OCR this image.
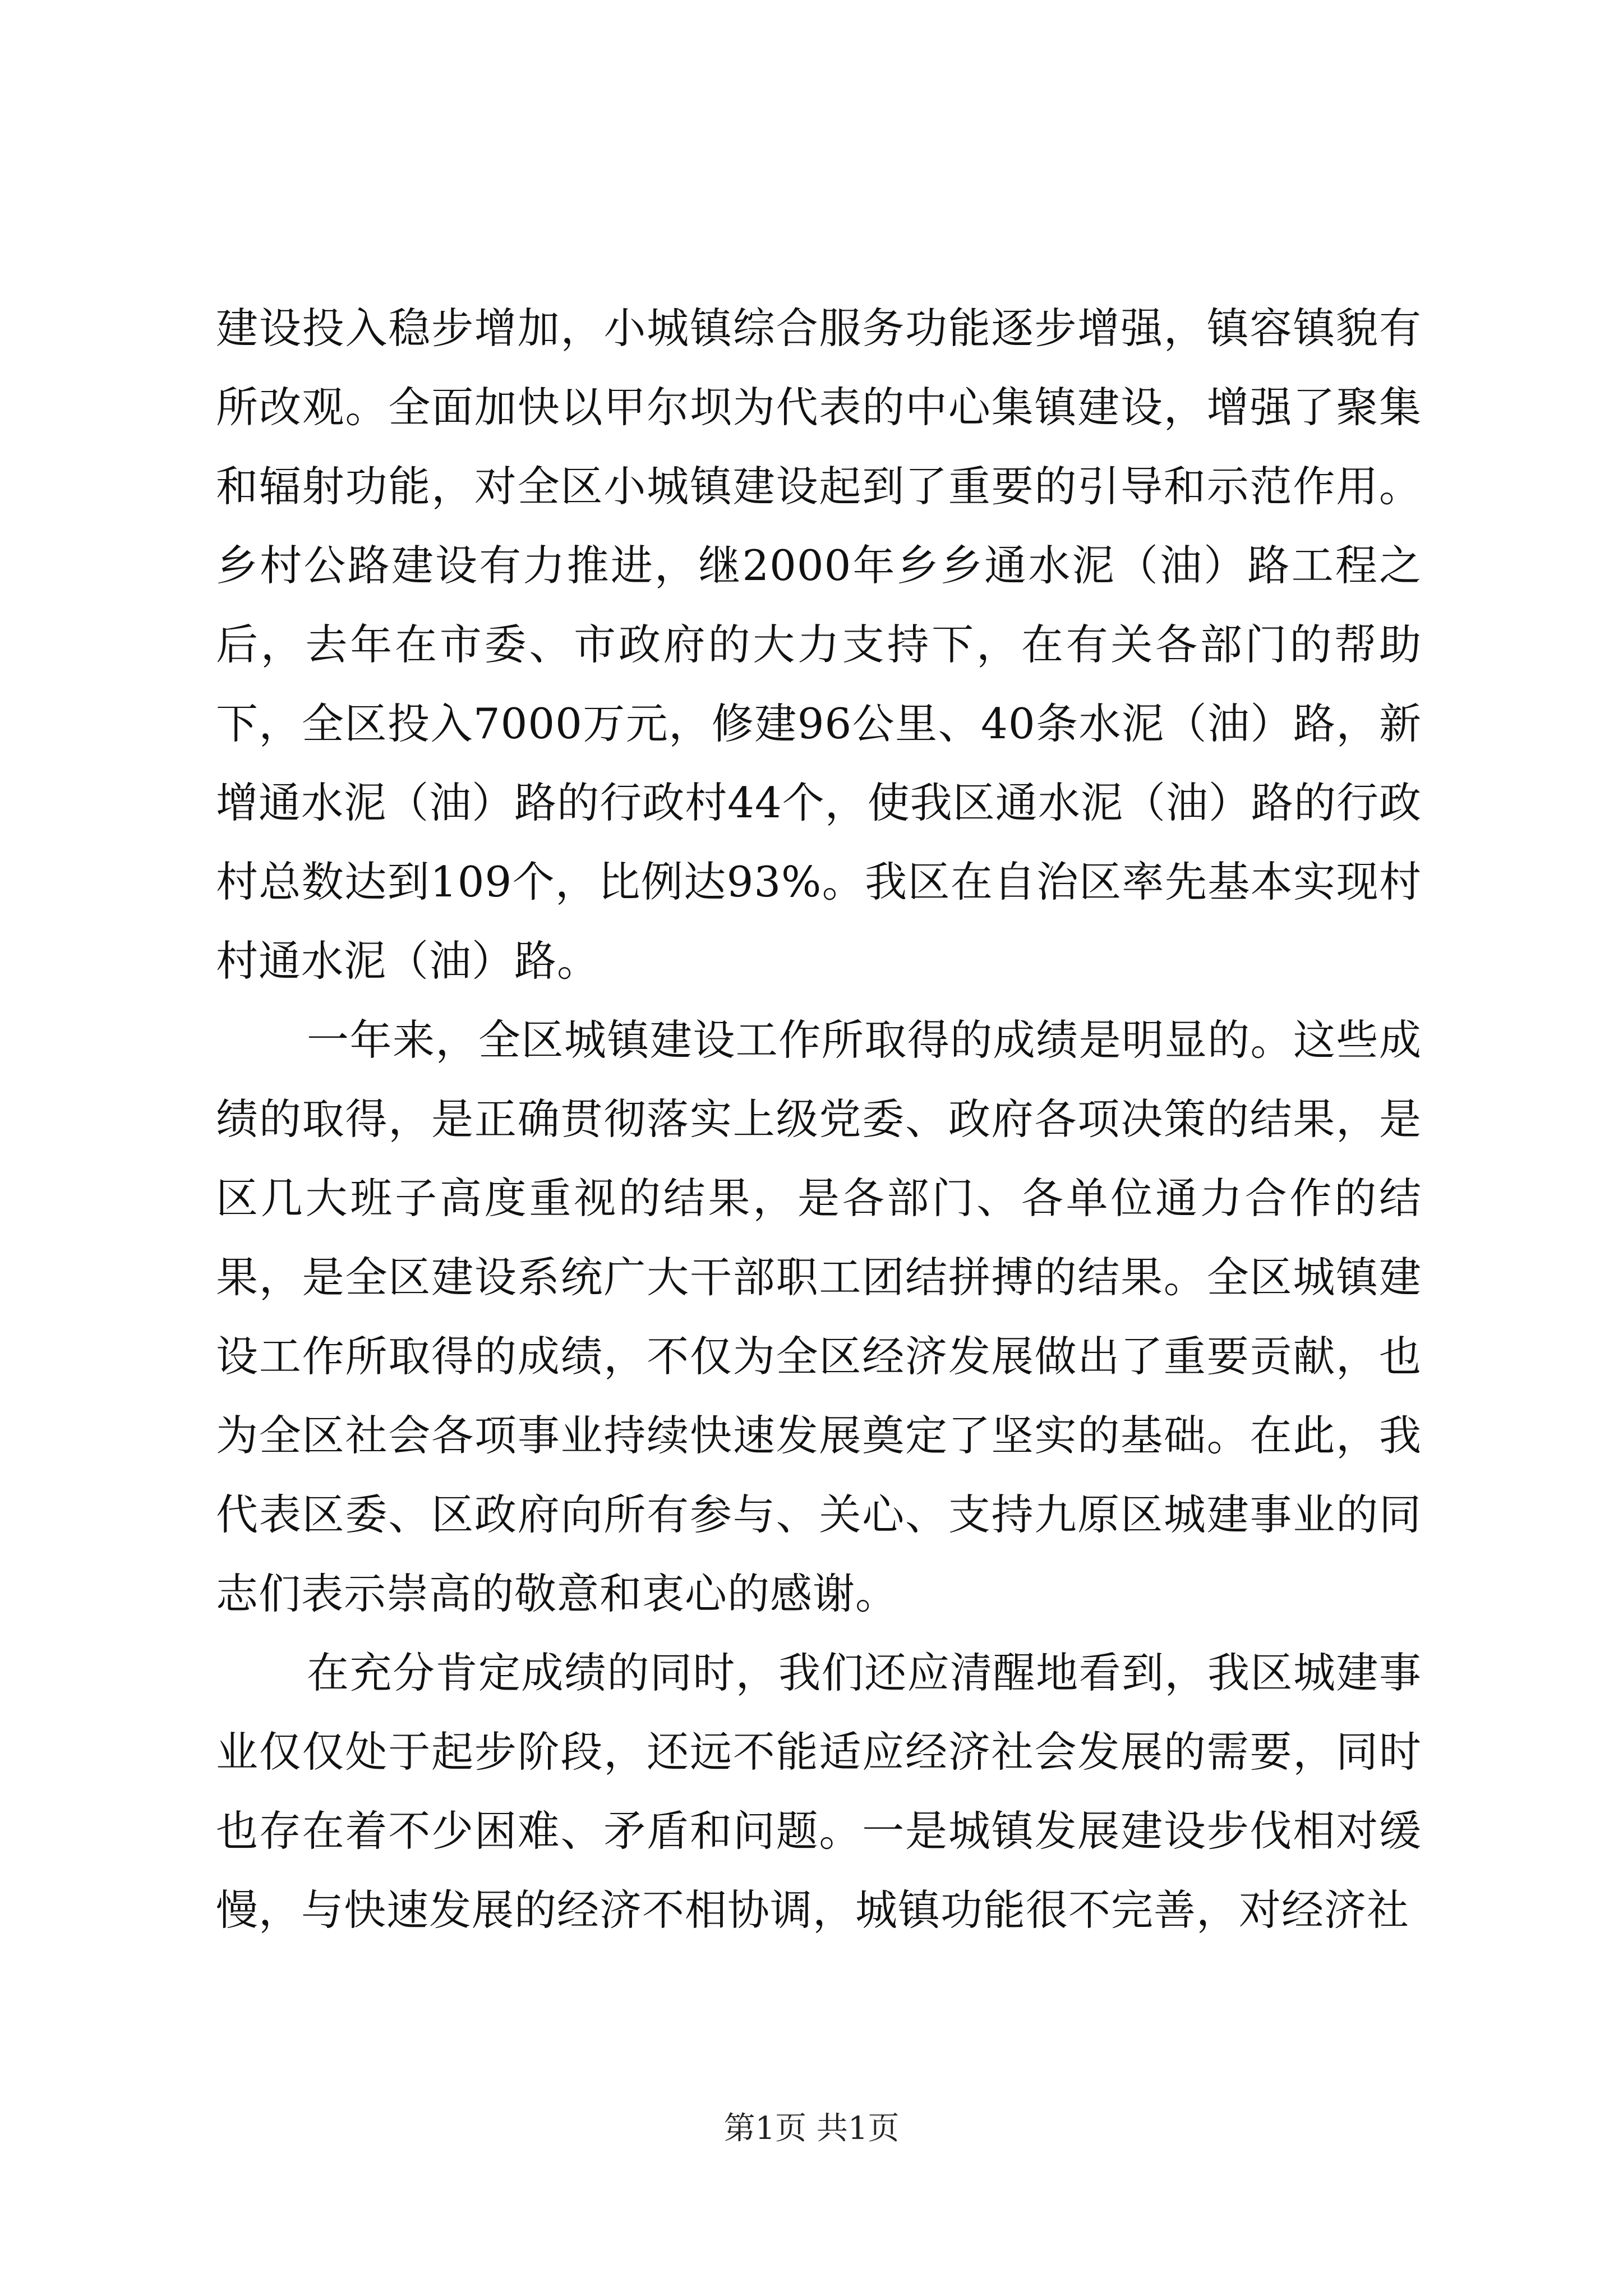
建设投入稳步增加，小城镇综合服务功能逐步增强，镇容镇貌有所改观。全面加快以甲尔坝为代表的中心集镇建设，增强了聚集和辐射功能，对全区小城镇建设起到了重要的引导和示范作用。乡村公路建设有力推进，继2000年乡乡通水泥（油）路工程之后，去年在市委、市政府的大力支持下，在有关各部门的帮助下，全区投入7000万元，修建96公里、40条水泥（油）路，新增通水泥（油）路的行政村44个，使我区通水泥（油）路的行政村总数达到109个，比例达93%。我区在自治区率先基本实现村村通水泥（油）路。

一年来，全区城镇建设工作所取得的成绩是明显的。这些成绩的取得，是正确贯彻落实上级党委、政府各项决策的结果，是区几大班子高度重视的结果，是各部门、各单位通力合作的结果，是全区建设系统广大干部职工团结拼搏的结果。全区城镇建设工作所取得的成绩，不仅为全区经济发展做出了重要贡献，也为全区社会各项事业持续快速发展奠定了坚实的基础。在此，我代表区委、区政府向所有参与、关心、支持九原区城建事业的同志们表示崇高的敬意和衷心的感谢。

在充分肯定成绩的同时，我们还应清醒地看到，我区城建事业仅仅处于起步阶段，还远不能适应经济社会发展的需要，同时也存在着不少困难、矛盾和问题。一是城镇发展建设步伐相对缓慢，与快速发展的经济不相协调，城镇功能很不完善，对经济社

第1页 共1页
